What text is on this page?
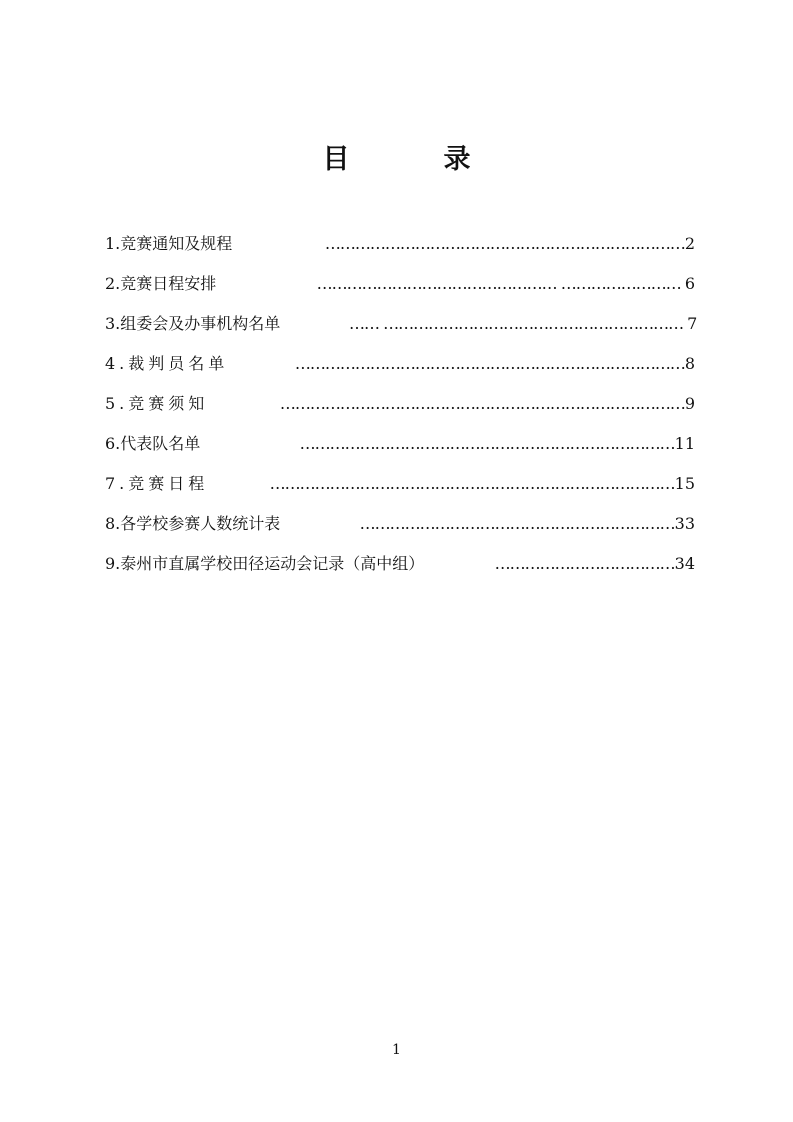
目          录
1.竞赛通知及规程	………………………………………………………………2
2.竞赛日程安排	………………………………………… …………………… 6
3.组委会及办事机构名单	…… …………………………………………………… 7
4.裁判员名单	……………………………………………………………………8
5.竞赛须知	………………………………………………………………………9
6.代表队名单	…………………………………………………………………11
7.竞赛日程	………………………………………………………………………15
8.各学校参赛人数统计表	………………………………………………………33
9.泰州市直属学校田径运动会记录（高中组）	………………………………34
1
